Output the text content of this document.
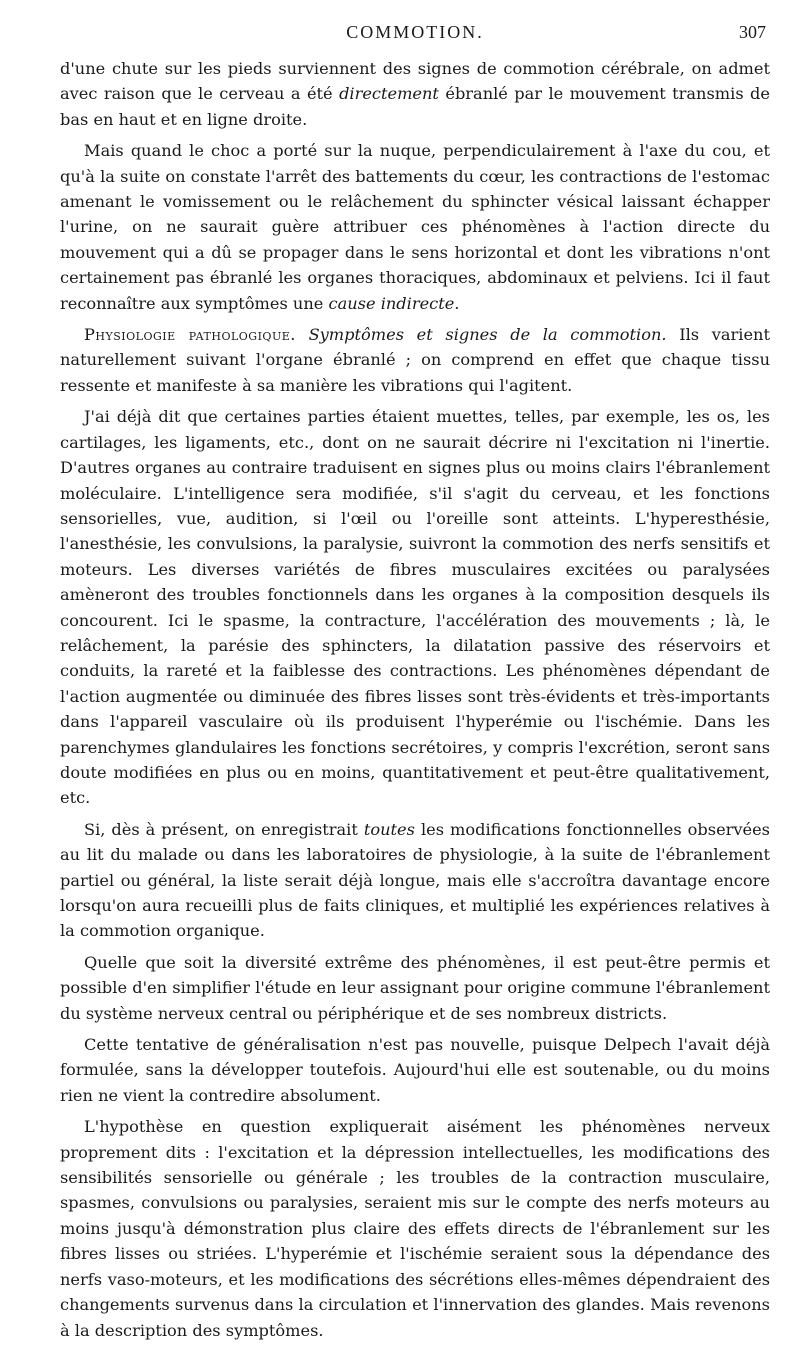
COMMOTION.	307

d'une chute sur les pieds surviennent des signes de commotion cérébrale, on admet avec raison que le cerveau a été directement ébranlé par le mouvement transmis de bas en haut et en ligne droite.

Mais quand le choc a porté sur la nuque, perpendiculairement à l'axe du cou, et qu'à la suite on constate l'arrêt des battements du cœur, les contractions de l'estomac amenant le vomissement ou le relâchement du sphincter vésical laissant échapper l'urine, on ne saurait guère attribuer ces phénomènes à l'action directe du mouvement qui a dû se propager dans le sens horizontal et dont les vibrations n'ont certainement pas ébranlé les organes thoraciques, abdominaux et pelviens. Ici il faut reconnaître aux symptômes une cause indirecte.

Physiologie pathologique. Symptômes et signes de la commotion. Ils varient naturellement suivant l'organe ébranlé ; on comprend en effet que chaque tissu ressente et manifeste à sa manière les vibrations qui l'agitent.

J'ai déjà dit que certaines parties étaient muettes, telles, par exemple, les os, les cartilages, les ligaments, etc., dont on ne saurait décrire ni l'excitation ni l'inertie. D'autres organes au contraire traduisent en signes plus ou moins clairs l'ébranlement moléculaire. L'intelligence sera modifiée, s'il s'agit du cerveau, et les fonctions sensorielles, vue, audition, si l'œil ou l'oreille sont atteints. L'hyperesthésie, l'anesthésie, les convulsions, la paralysie, suivront la commotion des nerfs sensitifs et moteurs. Les diverses variétés de fibres musculaires excitées ou paralysées amèneront des troubles fonctionnels dans les organes à la composition desquels ils concourent. Ici le spasme, la contracture, l'accélération des mouvements ; là, le relâchement, la parésie des sphincters, la dilatation passive des réservoirs et conduits, la rareté et la faiblesse des contractions. Les phénomènes dépendant de l'action augmentée ou diminuée des fibres lisses sont très-évidents et très-importants dans l'appareil vasculaire où ils produisent l'hyperémie ou l'ischémie. Dans les parenchymes glandulaires les fonctions secrétoires, y compris l'excrétion, seront sans doute modifiées en plus ou en moins, quantitativement et peut-être qualitativement, etc.

Si, dès à présent, on enregistrait toutes les modifications fonctionnelles observées au lit du malade ou dans les laboratoires de physiologie, à la suite de l'ébranlement partiel ou général, la liste serait déjà longue, mais elle s'accroîtra davantage encore lorsqu'on aura recueilli plus de faits cliniques, et multiplié les expériences relatives à la commotion organique.

Quelle que soit la diversité extrême des phénomènes, il est peut-être permis et possible d'en simplifier l'étude en leur assignant pour origine commune l'ébranlement du système nerveux central ou périphérique et de ses nombreux districts.

Cette tentative de généralisation n'est pas nouvelle, puisque Delpech l'avait déjà formulée, sans la développer toutefois. Aujourd'hui elle est soutenable, ou du moins rien ne vient la contredire absolument.

L'hypothèse en question expliquerait aisément les phénomènes nerveux proprement dits : l'excitation et la dépression intellectuelles, les modifications des sensibilités sensorielle ou générale ; les troubles de la contraction musculaire, spasmes, convulsions ou paralysies, seraient mis sur le compte des nerfs moteurs au moins jusqu'à démonstration plus claire des effets directs de l'ébranlement sur les fibres lisses ou striées. L'hyperémie et l'ischémie seraient sous la dépendance des nerfs vaso-moteurs, et les modifications des sécrétions elles-mêmes dépendraient des changements survenus dans la circulation et l'innervation des glandes. Mais revenons à la description des symptômes.
